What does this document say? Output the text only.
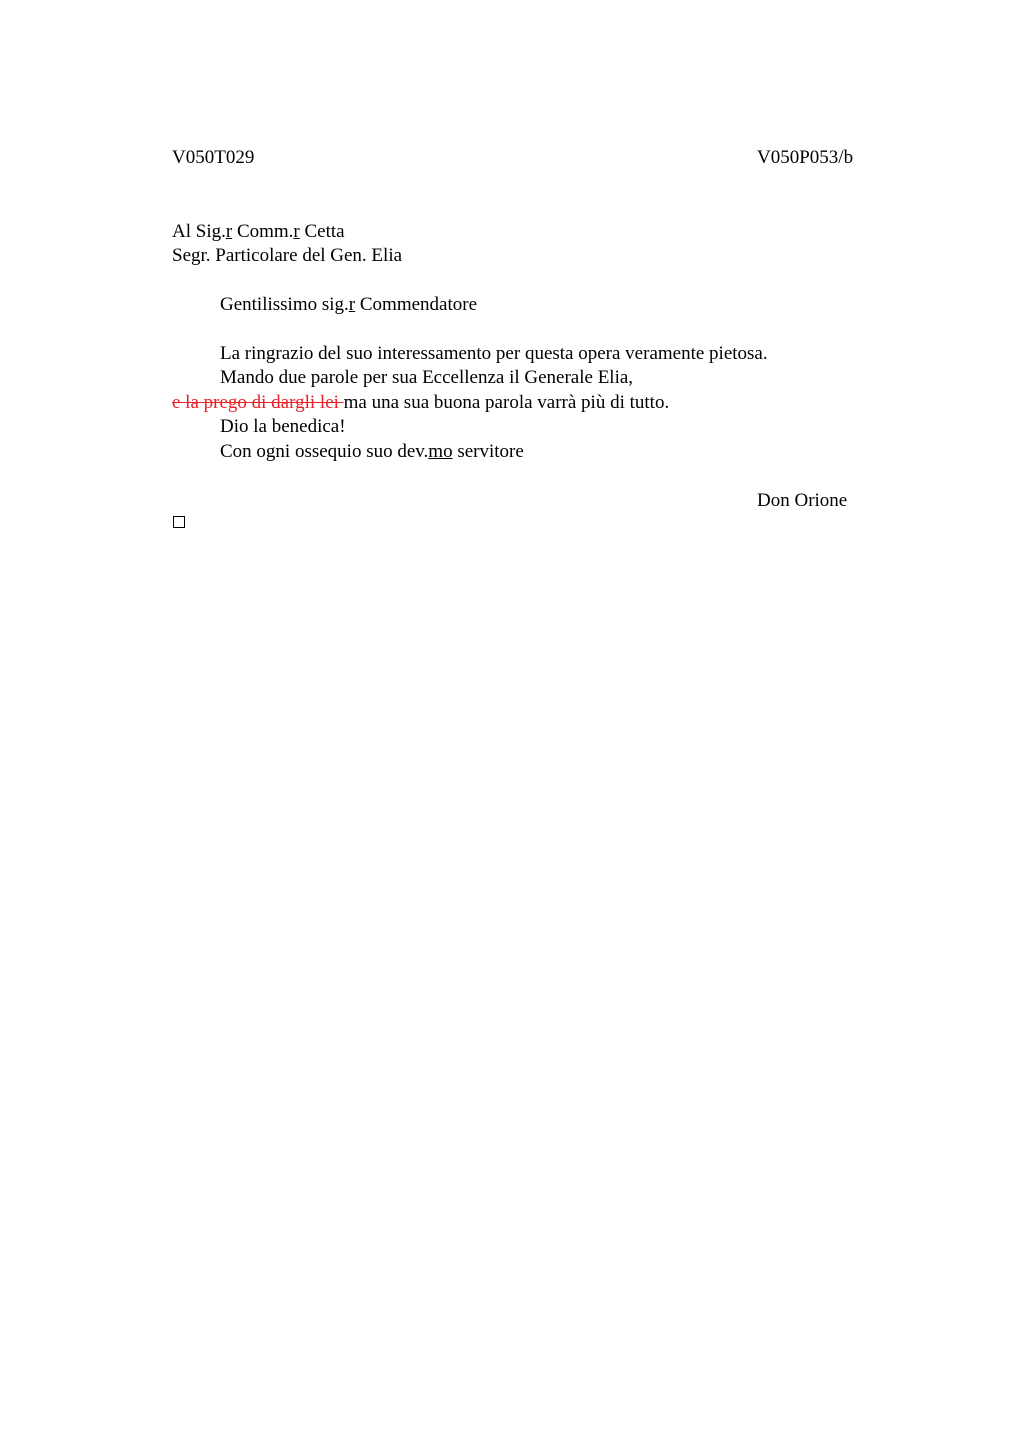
V050T029	V050P053/b
Al Sig.r Comm.r Cetta
Segr. Particolare del Gen. Elia
Gentilissimo sig.r Commendatore
La ringrazio del suo interessamento per questa opera veramente pietosa.
Mando due parole per sua Eccellenza il Generale Elia,
e la prego di dargli lei ma una sua buona parola varrà più di tutto.
Dio la benedica!
Con ogni ossequio suo dev.mo servitore
Don Orione
